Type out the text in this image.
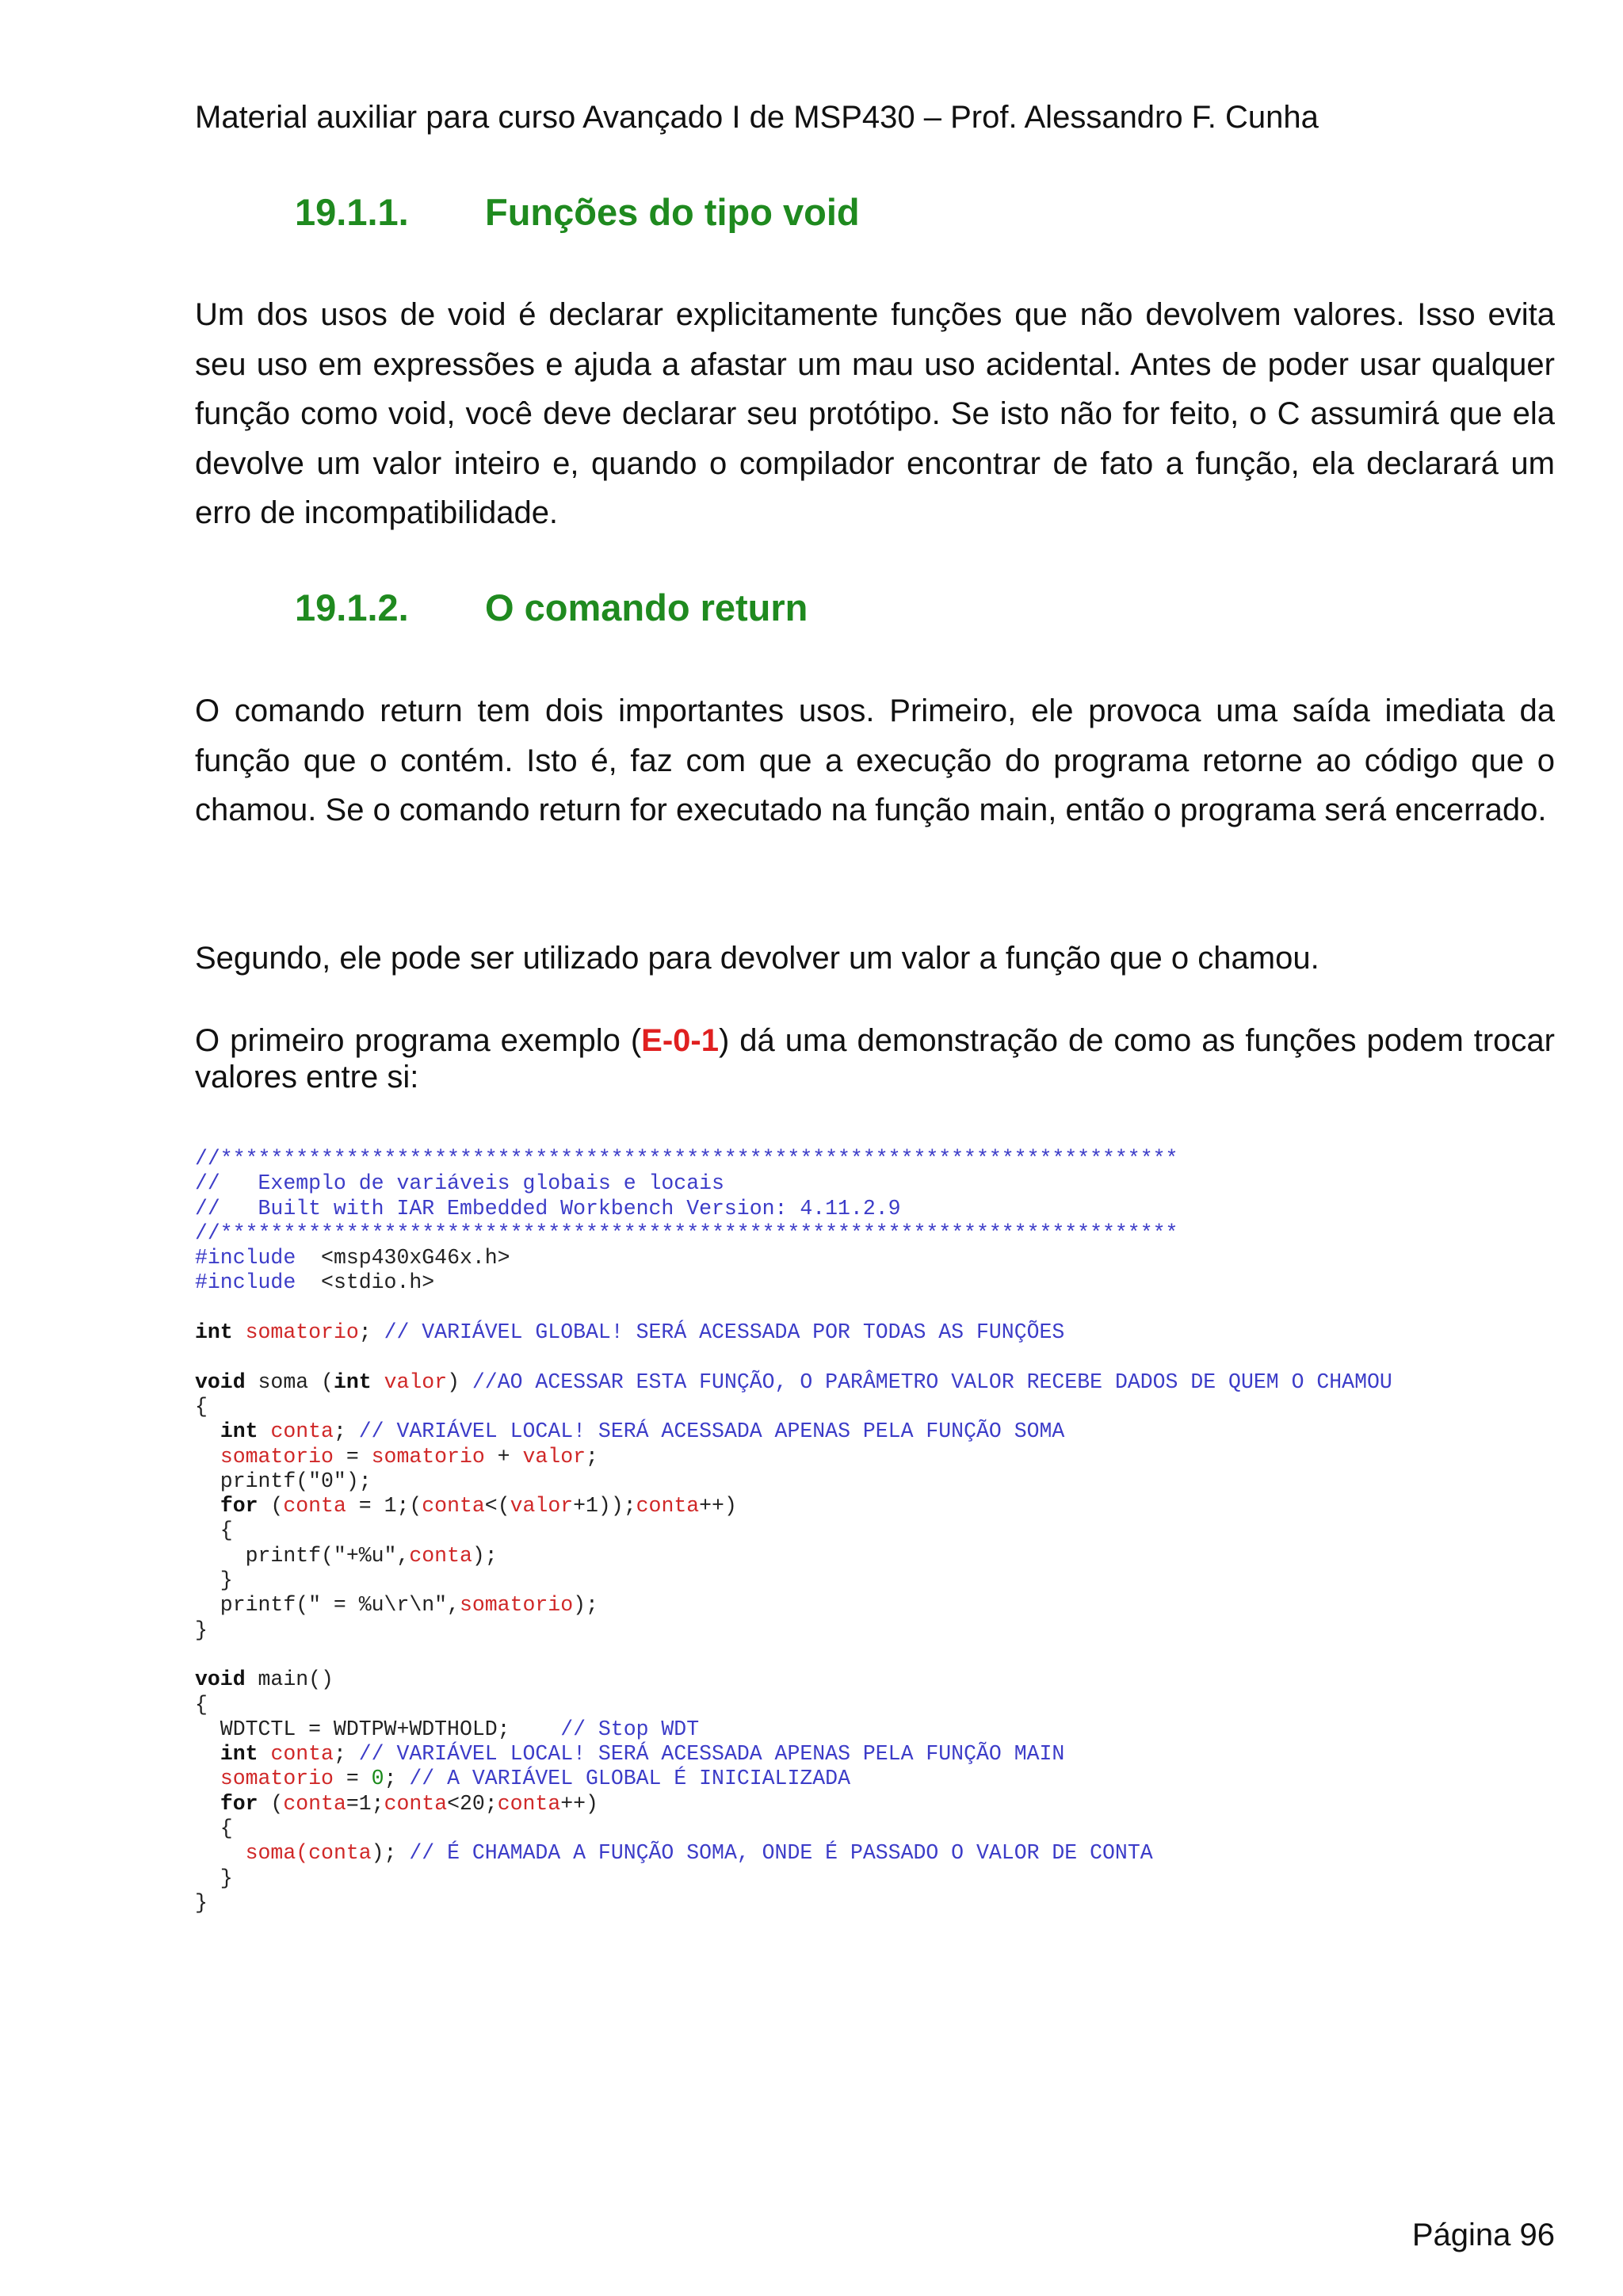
Material auxiliar para curso Avançado I de MSP430 – Prof. Alessandro F. Cunha
19.1.1. Funções do tipo void
Um dos usos de void é declarar explicitamente funções que não devolvem valores. Isso evita seu uso em expressões e ajuda a afastar um mau uso acidental. Antes de poder usar qualquer função como void, você deve declarar seu protótipo. Se isto não for feito, o C assumirá que ela devolve um valor inteiro e, quando o compilador encontrar de fato a função, ela declarará um erro de incompatibilidade.
19.1.2. O comando return
O comando return tem dois importantes usos. Primeiro, ele provoca uma saída imediata da função que o contém. Isto é, faz com que a execução do programa retorne ao código que o chamou. Se o comando return for executado na função main, então o programa será encerrado.
Segundo, ele pode ser utilizado para devolver um valor a função que o chamou.
O primeiro programa exemplo (E-0-1) dá uma demonstração de como as funções podem trocar valores entre si:
//****************************************************************************
//   Exemplo de variáveis globais e locais
//   Built with IAR Embedded Workbench Version: 4.11.2.9
//****************************************************************************
#include  <msp430xG46x.h>
#include  <stdio.h>
int somatorio; // VARIÁVEL GLOBAL! SERÁ ACESSADA POR TODAS AS FUNÇÕES
void soma (int valor) //AO ACESSAR ESTA FUNÇÃO, O PARÂMETRO VALOR RECEBE DADOS DE QUEM O CHAMOU
{
int conta; // VARIÁVEL LOCAL! SERÁ ACESSADA APENAS PELA FUNÇÃO SOMA
somatorio = somatorio + valor;
printf("0");
for (conta = 1;(conta<(valor+1));conta++)
{
printf("+%u",conta);
}
printf(" = %u\r\n",somatorio);
}
void main()
{
WDTCTL = WDTPW+WDTHOLD;    // Stop WDT
int conta; // VARIÁVEL LOCAL! SERÁ ACESSADA APENAS PELA FUNÇÃO MAIN
somatorio = 0; // A VARIÁVEL GLOBAL É INICIALIZADA
for (conta=1;conta<20;conta++)
{
soma(conta); // É CHAMADA A FUNÇÃO SOMA, ONDE É PASSADO O VALOR DE CONTA
}
}
Página 96
